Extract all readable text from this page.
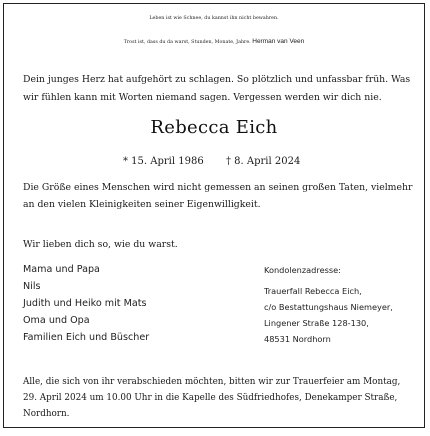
Leben ist wie Schnee, du kannst ihn nicht bewahren.
Trost ist, dass du da warst, Stunden, Monate, Jahre. Herman van Veen
Dein junges Herz hat aufgehört zu schlagen. So plötzlich und unfassbar früh. Was
wir fühlen kann mit Worten niemand sagen. Vergessen werden wir dich nie.
Rebecca Eich
* 15. April 1986 † 8. April 2024
Die Größe eines Menschen wird nicht gemessen an seinen großen Taten, vielmehr
an den vielen Kleinigkeiten seiner Eigenwilligkeit.
Wir lieben dich so, wie du warst.
Mama und Papa
Nils
Judith und Heiko mit Mats
Oma und Opa
Familien Eich und Büscher
Kondolenzadresse:
Trauerfall Rebecca Eich,
c/o Bestattungshaus Niemeyer,
Lingener Straße 128-130,
48531 Nordhorn
Alle, die sich von ihr verabschieden möchten, bitten wir zur Trauerfeier am Montag,
29. April 2024 um 10.00 Uhr in die Kapelle des Südfriedhofes, Denekamper Straße,
Nordhorn.
